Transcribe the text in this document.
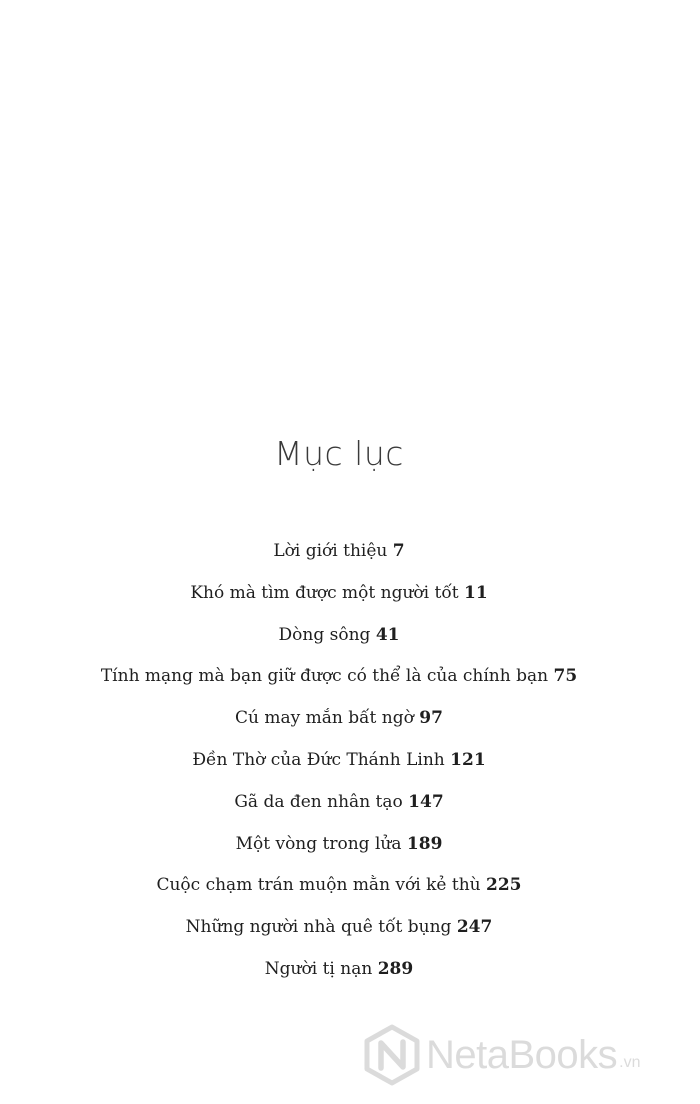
Mục lục
Lời giới thiệu 7
Khó mà tìm được một người tốt 11
Dòng sông 41
Tính mạng mà bạn giữ được có thể là của chính bạn 75
Cú may mắn bất ngờ 97
Đền Thờ của Đức Thánh Linh 121
Gã da đen nhân tạo 147
Một vòng trong lửa 189
Cuộc chạm trán muộn mằn với kẻ thù 225
Những người nhà quê tốt bụng 247
Người tị nạn 289
NetaBooks .vn
